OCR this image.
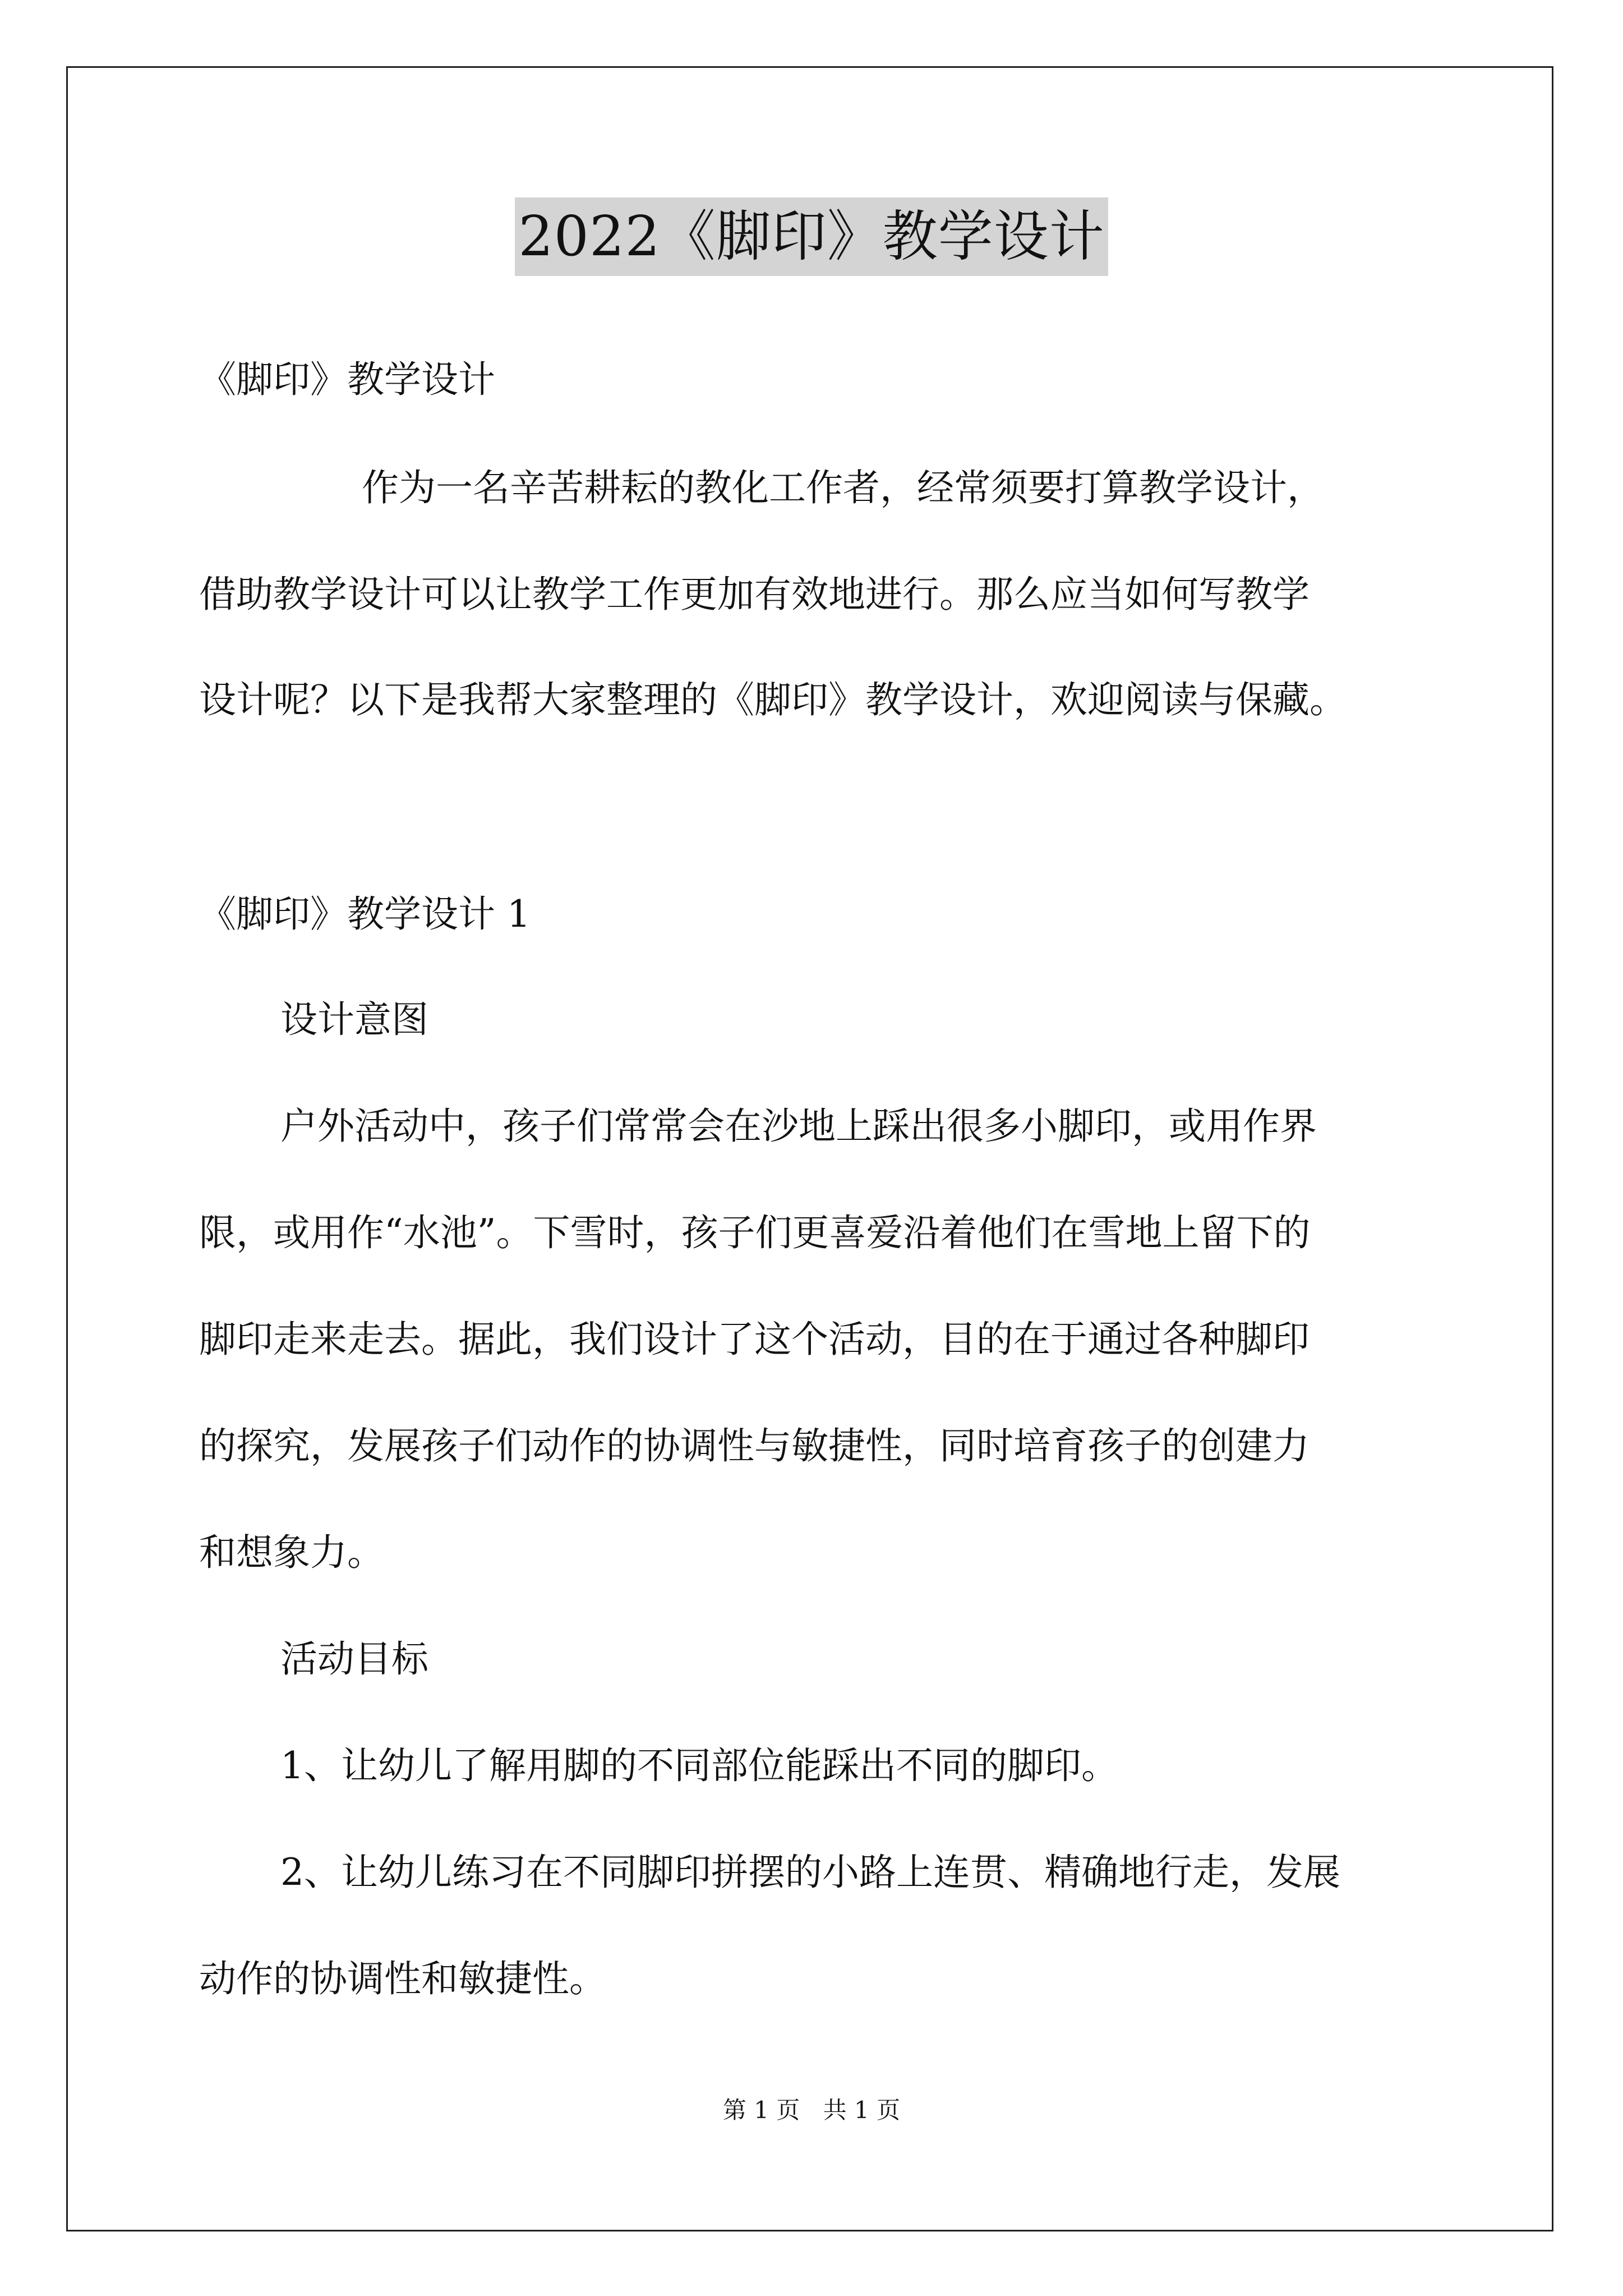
2022《脚印》教学设计
《脚印》教学设计
作为一名辛苦耕耘的教化工作者，经常须要打算教学设计，
借助教学设计可以让教学工作更加有效地进行。那么应当如何写教学
设计呢？以下是我帮大家整理的《脚印》教学设计，欢迎阅读与保藏。
《脚印》教学设计 1
设计意图
户外活动中，孩子们常常会在沙地上踩出很多小脚印，或用作界
限，或用作“水池”。下雪时，孩子们更喜爱沿着他们在雪地上留下的
脚印走来走去。据此，我们设计了这个活动，目的在于通过各种脚印
的探究，发展孩子们动作的协调性与敏捷性，同时培育孩子的创建力
和想象力。
活动目标
1、让幼儿了解用脚的不同部位能踩出不同的脚印。
2、让幼儿练习在不同脚印拼摆的小路上连贯、精确地行走，发展
动作的协调性和敏捷性。
第 1 页 共 1 页
